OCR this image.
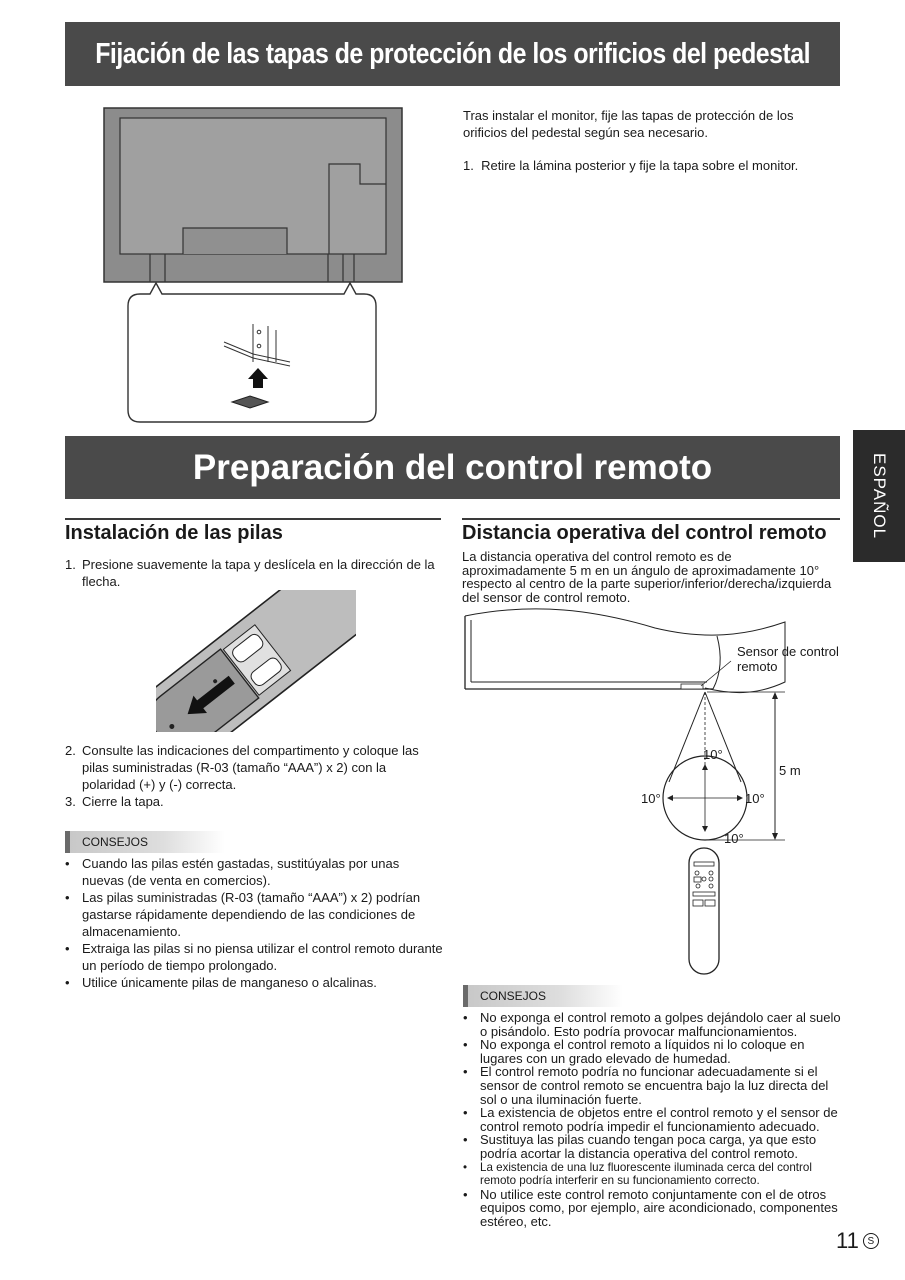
Fijación de las tapas de protección de los orificios del pedestal
Tras instalar el monitor, fije las tapas de protección de los orificios del pedestal según sea necesario.
1. Retire la lámina posterior y fije la tapa sobre el monitor.
Preparación del control remoto	ESPAÑOL
Instalación de las pilas
1. Presione suavemente la tapa y deslícela en la dirección de la flecha.
2. Consulte las indicaciones del compartimento y coloque las pilas suministradas (R-03 (tamaño “AAA”) x 2) con la polaridad (+) y (-) correcta.
3. Cierre la tapa.
CONSEJOS
• Cuando las pilas estén gastadas, sustitúyalas por unas nuevas (de venta en comercios).
• Las pilas suministradas (R-03 (tamaño “AAA”) x 2) podrían gastarse rápidamente dependiendo de las condiciones de almacenamiento.
• Extraiga las pilas si no piensa utilizar el control remoto durante un período de tiempo prolongado.
• Utilice únicamente pilas de manganeso o alcalinas.
Distancia operativa del control remoto
La distancia operativa del control remoto es de aproximadamente 5 m en un ángulo de aproximadamente 10° respecto al centro de la parte superior/inferior/derecha/izquierda del sensor de control remoto.
Sensor de control
remoto
5 m
10°
10°	10°
10°
CONSEJOS
• No exponga el control remoto a golpes dejándolo caer al suelo o pisándolo. Esto podría provocar malfuncionamientos.
• No exponga el control remoto a líquidos ni lo coloque en lugares con un grado elevado de humedad.
• El control remoto podría no funcionar adecuadamente si el sensor de control remoto se encuentra bajo la luz directa del sol o una iluminación fuerte.
• La existencia de objetos entre el control remoto y el sensor de control remoto podría impedir el funcionamiento adecuado.
• Sustituya las pilas cuando tengan poca carga, ya que esto podría acortar la distancia operativa del control remoto.
• La existencia de una luz fluorescente iluminada cerca del control remoto podría interferir en su funcionamiento correcto.
• No utilice este control remoto conjuntamente con el de otros equipos como, por ejemplo, aire acondicionado, componentes estéreo, etc.
11 S
